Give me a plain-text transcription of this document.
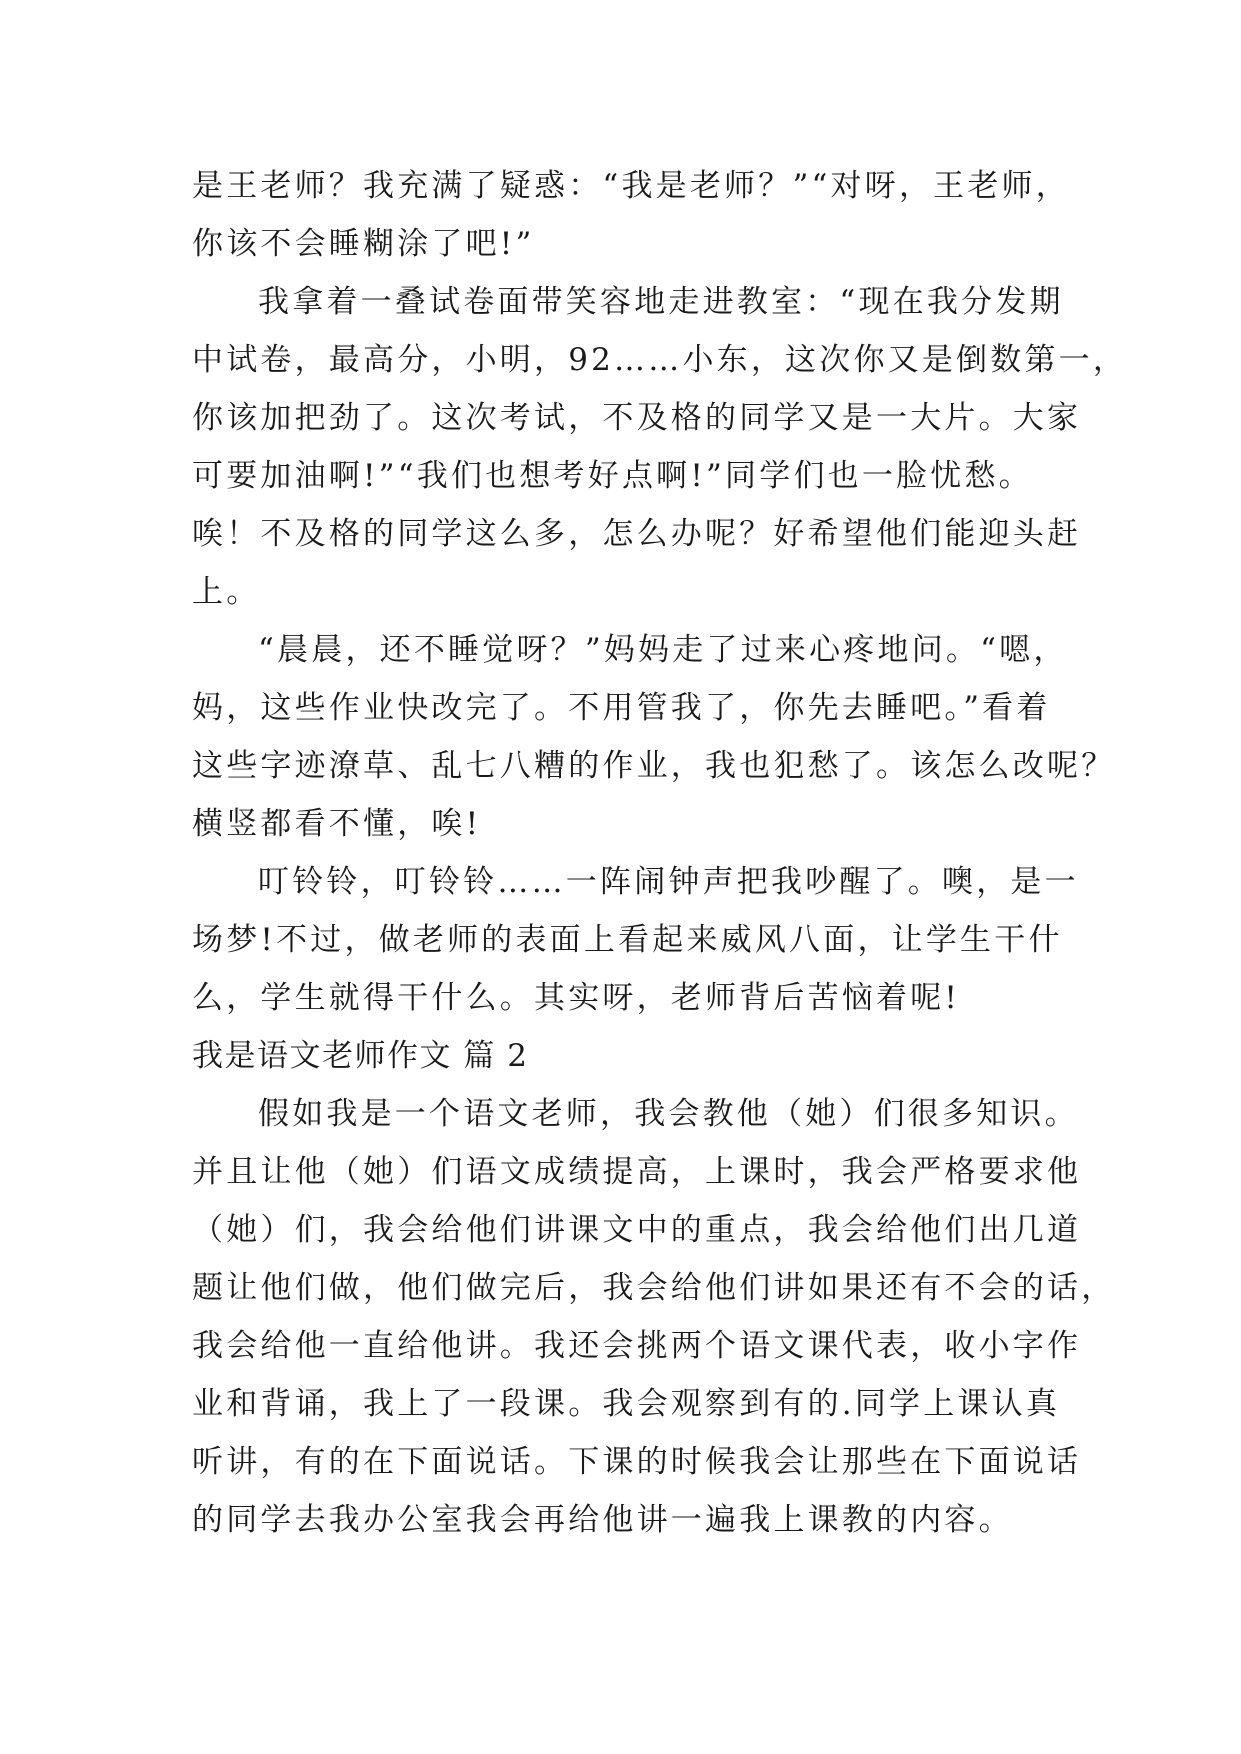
是王老师？我充满了疑惑：“我是老师？”“对呀，王老师，
你该不会睡糊涂了吧!”
我拿着一叠试卷面带笑容地走进教室：“现在我分发期
中试卷，最高分，小明，92……小东，这次你又是倒数第一，
你该加把劲了。这次考试，不及格的同学又是一大片。大家
可要加油啊!”“我们也想考好点啊!”同学们也一脸忧愁。
唉！不及格的同学这么多，怎么办呢？好希望他们能迎头赶
上。
“晨晨，还不睡觉呀？”妈妈走了过来心疼地问。“嗯，
妈，这些作业快改完了。不用管我了，你先去睡吧。”看着
这些字迹潦草、乱七八糟的作业，我也犯愁了。该怎么改呢？
横竖都看不懂，唉!
叮铃铃，叮铃铃……一阵闹钟声把我吵醒了。噢，是一
场梦!不过，做老师的表面上看起来威风八面，让学生干什
么，学生就得干什么。其实呀，老师背后苦恼着呢!
我是语文老师作文 篇 2
假如我是一个语文老师，我会教他（她）们很多知识。
并且让他（她）们语文成绩提高，上课时，我会严格要求他
（她）们，我会给他们讲课文中的重点，我会给他们出几道
题让他们做，他们做完后，我会给他们讲如果还有不会的话，
我会给他一直给他讲。我还会挑两个语文课代表，收小字作
业和背诵，我上了一段课。我会观察到有的.同学上课认真
听讲，有的在下面说话。下课的时候我会让那些在下面说话
的同学去我办公室我会再给他讲一遍我上课教的内容。
